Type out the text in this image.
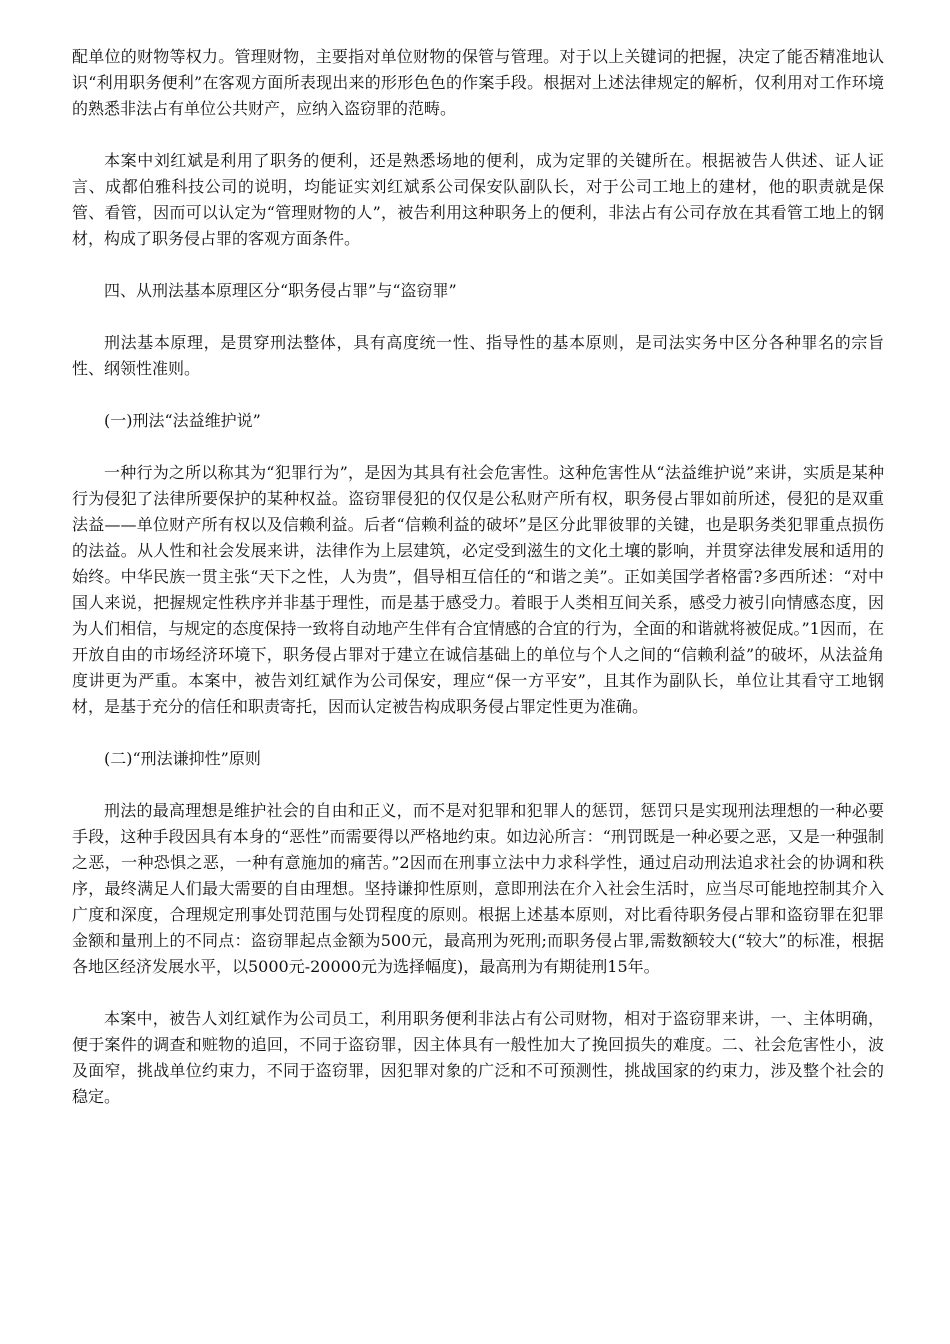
配单位的财物等权力。管理财物，主要指对单位财物的保管与管理。对于以上关键词的把握，决定了能否精准地认识“利用职务便利”在客观方面所表现出来的形形色色的作案手段。根据对上述法律规定的解析，仅利用对工作环境的熟悉非法占有单位公共财产，应纳入盗窃罪的范畴。

本案中刘红斌是利用了职务的便利，还是熟悉场地的便利，成为定罪的关键所在。根据被告人供述、证人证言、成都伯雅科技公司的说明，均能证实刘红斌系公司保安队副队长，对于公司工地上的建材，他的职责就是保管、看管，因而可以认定为“管理财物的人”，被告利用这种职务上的便利，非法占有公司存放在其看管工地上的钢材，构成了职务侵占罪的客观方面条件。

四、从刑法基本原理区分“职务侵占罪”与“盗窃罪”

刑法基本原理，是贯穿刑法整体，具有高度统一性、指导性的基本原则，是司法实务中区分各种罪名的宗旨性、纲领性准则。

(一)刑法“法益维护说”

一种行为之所以称其为“犯罪行为”，是因为其具有社会危害性。这种危害性从“法益维护说”来讲，实质是某种行为侵犯了法律所要保护的某种权益。盗窃罪侵犯的仅仅是公私财产所有权，职务侵占罪如前所述，侵犯的是双重法益——单位财产所有权以及信赖利益。后者“信赖利益的破坏”是区分此罪彼罪的关键，也是职务类犯罪重点损伤的法益。从人性和社会发展来讲，法律作为上层建筑，必定受到滋生的文化土壤的影响，并贯穿法律发展和适用的始终。中华民族一贯主张“天下之性，人为贵”，倡导相互信任的“和谐之美”。正如美国学者格雷?多西所述：“对中国人来说，把握规定性秩序并非基于理性，而是基于感受力。着眼于人类相互间关系，感受力被引向情感态度，因为人们相信，与规定的态度保持一致将自动地产生伴有合宜情感的合宜的行为，全面的和谐就将被促成。”1因而，在开放自由的市场经济环境下，职务侵占罪对于建立在诚信基础上的单位与个人之间的“信赖利益”的破坏，从法益角度讲更为严重。本案中，被告刘红斌作为公司保安，理应“保一方平安”，且其作为副队长，单位让其看守工地钢材，是基于充分的信任和职责寄托，因而认定被告构成职务侵占罪定性更为准确。

(二)“刑法谦抑性”原则

刑法的最高理想是维护社会的自由和正义，而不是对犯罪和犯罪人的惩罚，惩罚只是实现刑法理想的一种必要手段，这种手段因具有本身的“恶性”而需要得以严格地约束。如边沁所言：“刑罚既是一种必要之恶，又是一种强制之恶，一种恐惧之恶，一种有意施加的痛苦。”2因而在刑事立法中力求科学性，通过启动刑法追求社会的协调和秩序，最终满足人们最大需要的自由理想。坚持谦抑性原则，意即刑法在介入社会生活时，应当尽可能地控制其介入广度和深度，合理规定刑事处罚范围与处罚程度的原则。根据上述基本原则，对比看待职务侵占罪和盗窃罪在犯罪金额和量刑上的不同点：盗窃罪起点金额为500元，最高刑为死刑;而职务侵占罪,需数额较大(“较大”的标准，根据各地区经济发展水平，以5000元-20000元为选择幅度)，最高刑为有期徒刑15年。

本案中，被告人刘红斌作为公司员工，利用职务便利非法占有公司财物，相对于盗窃罪来讲，一、主体明确，便于案件的调查和赃物的追回，不同于盗窃罪，因主体具有一般性加大了挽回损失的难度。二、社会危害性小，波及面窄，挑战单位约束力，不同于盗窃罪，因犯罪对象的广泛和不可预测性，挑战国家的约束力，涉及整个社会的稳定。
